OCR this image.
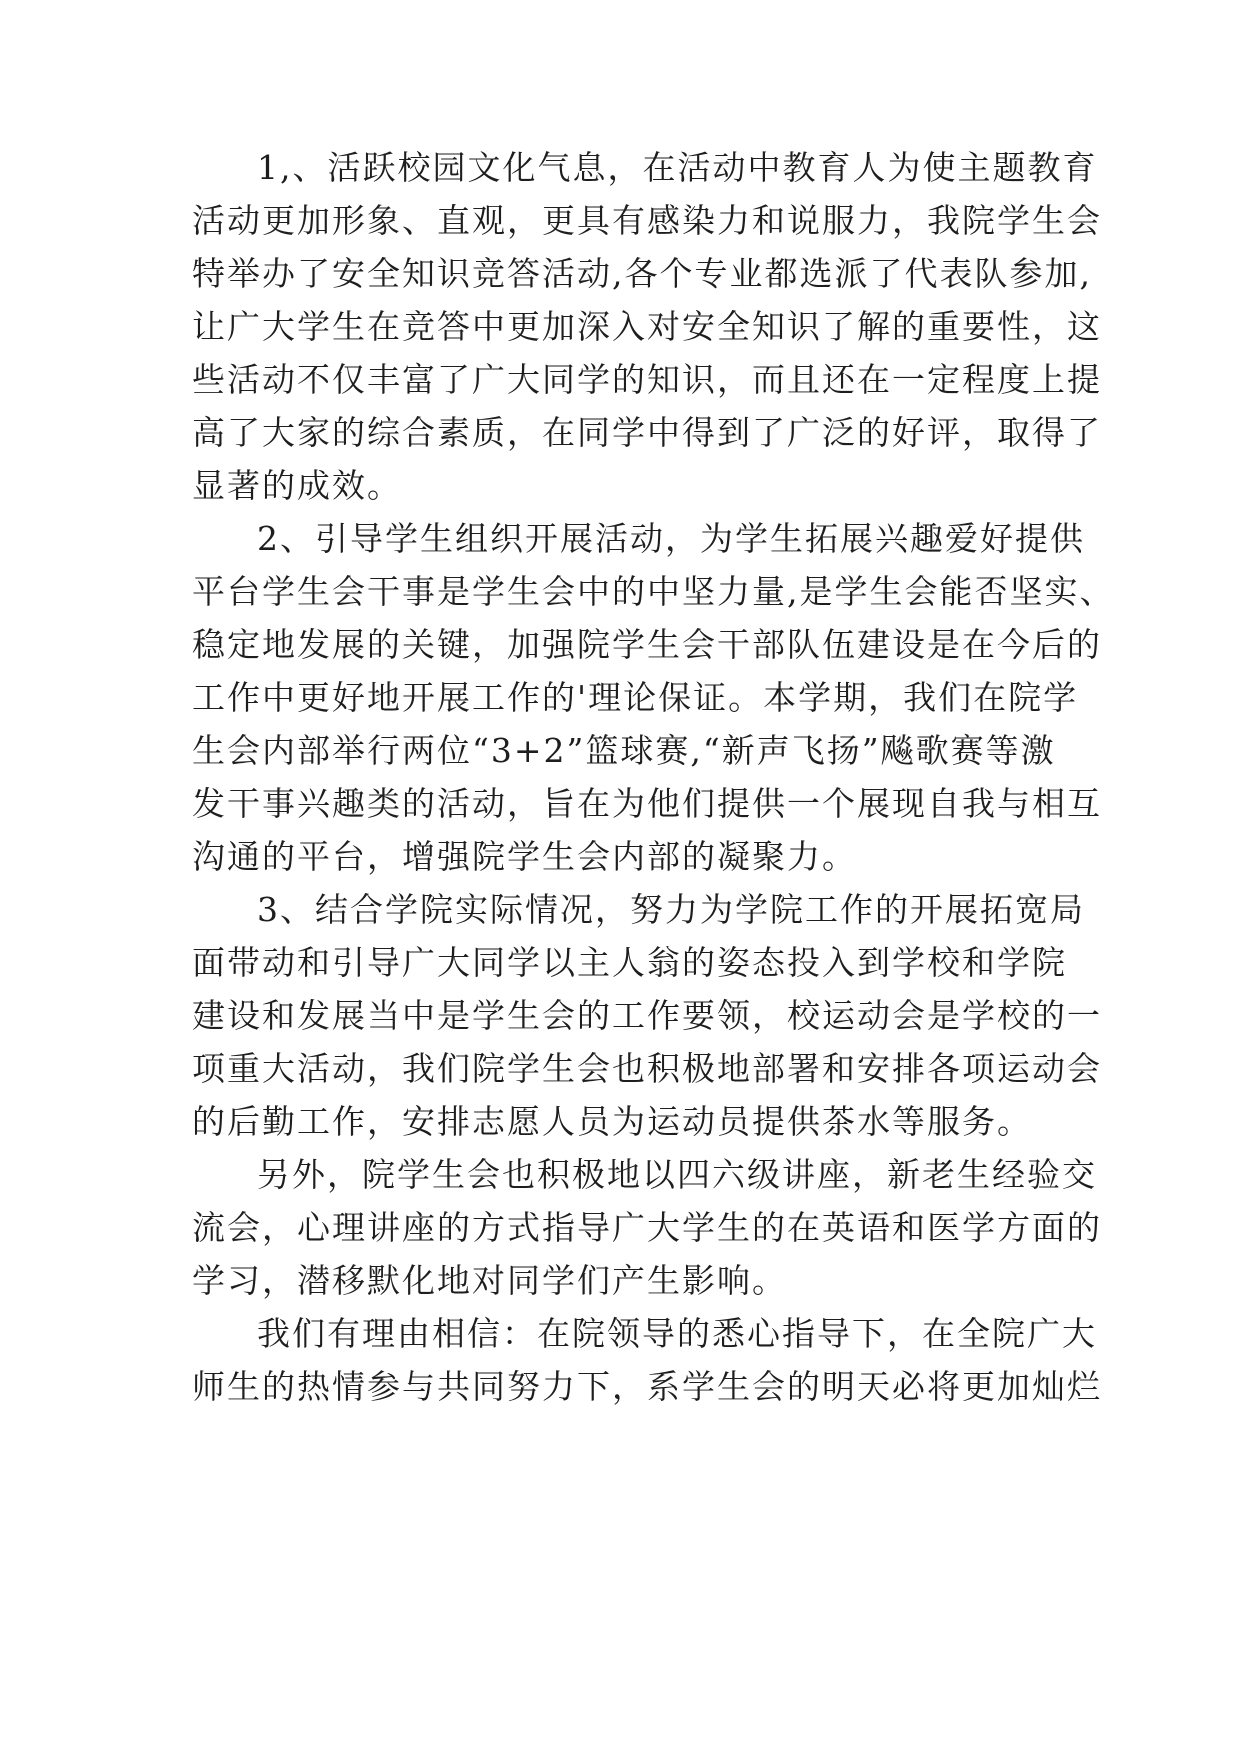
1,、活跃校园文化气息，在活动中教育人为使主题教育
活动更加形象、直观，更具有感染力和说服力，我院学生会
特举办了安全知识竞答活动,各个专业都选派了代表队参加,
让广大学生在竞答中更加深入对安全知识了解的重要性，这
些活动不仅丰富了广大同学的知识，而且还在一定程度上提
高了大家的综合素质，在同学中得到了广泛的好评，取得了
显著的成效。
2、引导学生组织开展活动，为学生拓展兴趣爱好提供
平台学生会干事是学生会中的中坚力量,是学生会能否坚实、
稳定地发展的关键，加强院学生会干部队伍建设是在今后的
工作中更好地开展工作的'理论保证。本学期，我们在院学
生会内部举行两位“3+2”篮球赛,“新声飞扬”飚歌赛等激
发干事兴趣类的活动，旨在为他们提供一个展现自我与相互
沟通的平台，增强院学生会内部的凝聚力。
3、结合学院实际情况，努力为学院工作的开展拓宽局
面带动和引导广大同学以主人翁的姿态投入到学校和学院
建设和发展当中是学生会的工作要领，校运动会是学校的一
项重大活动，我们院学生会也积极地部署和安排各项运动会
的后勤工作，安排志愿人员为运动员提供茶水等服务。
另外，院学生会也积极地以四六级讲座，新老生经验交
流会，心理讲座的方式指导广大学生的在英语和医学方面的
学习，潜移默化地对同学们产生影响。
我们有理由相信：在院领导的悉心指导下，在全院广大
师生的热情参与共同努力下，系学生会的明天必将更加灿烂
